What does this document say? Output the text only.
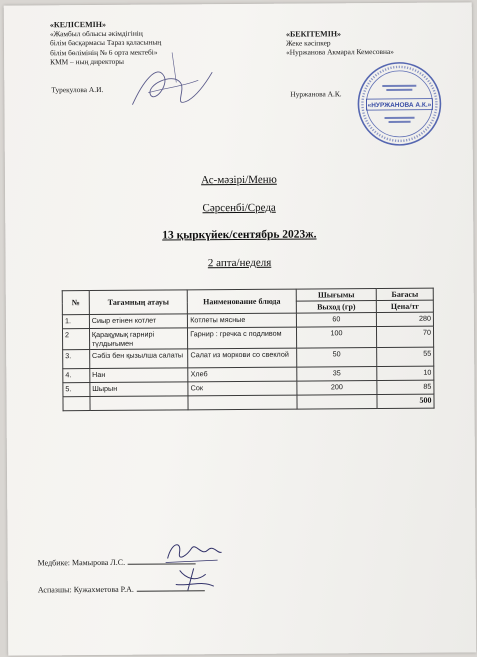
«КЕЛІСЕМІН»
«Жамбыл облысы әкімдігінің
білім басқармасы Тараз қаласының
білім бөлімінің № 6 орта мектебі»
КММ – ның директоры
Турекулова А.И.
«БЕКІТЕМІН»
Жеке кәсіпкер
«Нуржанова Акмарал Кемесовна»
Нуржанова А.К.
«НУРЖАНОВА А.К.»
Ас-мәзірі/Меню
Сәрсенбі/Среда
13 қыркүйек/сентябрь 2023ж.
2 апта/неделя
№	Тағамның атауы	Наименование блюда	Шығымы	Бағасы
			Выход (гр)	Цена/тг
1.	Сиыр етінен котлет	Котлеты мясные	60	280
2	Қарақұмық гарнирі түлдығымен	Гарнир : гречка с подливом	100	70
3.	Сәбіз бен қызылша салаты	Салат из моркови со свеклой	50	55
4.	Нан	Хлеб	35	10
5.	Шырын	Сок	200	85
				500
Медбике: Мамырова Л.С.
Аспазшы: Кужахметова Р.А.
